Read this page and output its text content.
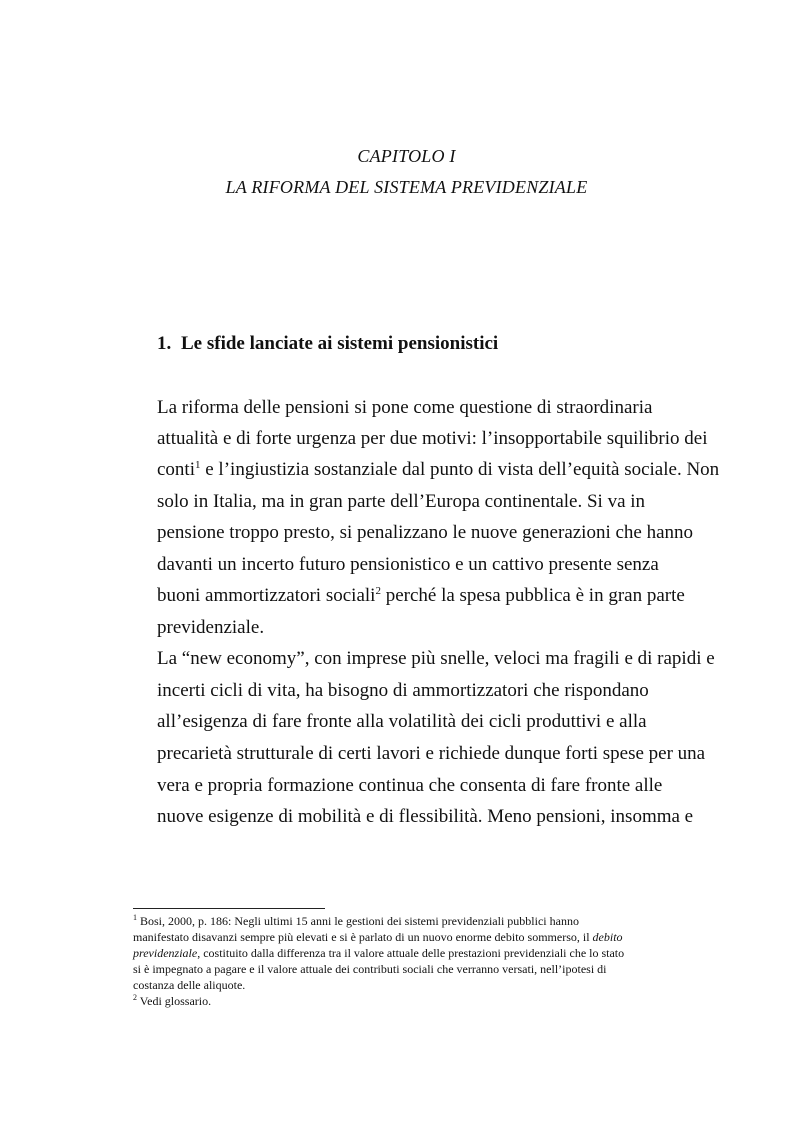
CAPITOLO I
LA RIFORMA DEL SISTEMA PREVIDENZIALE
1. Le sfide lanciate ai sistemi pensionistici
La riforma delle pensioni si pone come questione di straordinaria
attualità e di forte urgenza per due motivi: l’insopportabile squilibrio dei
conti$^1$ e l’ingiustizia sostanziale dal punto di vista dell’equità sociale. Non
solo in Italia, ma in gran parte dell’Europa continentale. Si va in
pensione troppo presto, si penalizzano le nuove generazioni che hanno
davanti un incerto futuro pensionistico e un cattivo presente senza
buoni ammortizzatori sociali$^2$ perché la spesa pubblica è in gran parte
previdenziale.
La “new economy”, con imprese più snelle, veloci ma fragili e di rapidi e
incerti cicli di vita, ha bisogno di ammortizzatori che rispondano
all’esigenza di fare fronte alla volatilità dei cicli produttivi e alla
precarietà strutturale di certi lavori e richiede dunque forti spese per una
vera e propria formazione continua che consenta di fare fronte alle
nuove esigenze di mobilità e di flessibilità. Meno pensioni, insomma e
$^1$ Bosi, 2000, p. 186: Negli ultimi 15 anni le gestioni dei sistemi previdenziali pubblici hanno
manifestato disavanzi sempre più elevati e si è parlato di un nuovo enorme debito sommerso, il debito
previdenziale, costituito dalla differenza tra il valore attuale delle prestazioni previdenziali che lo stato
si è impegnato a pagare e il valore attuale dei contributi sociali che verranno versati, nell’ipotesi di
costanza delle aliquote.
$^2$ Vedi glossario.
